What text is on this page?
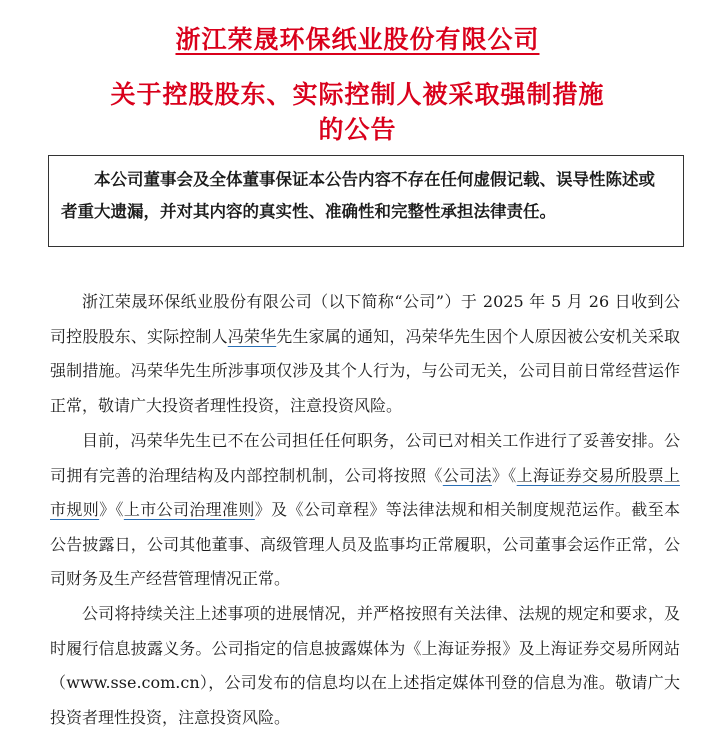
浙江荣晟环保纸业股份有限公司
关于控股股东、实际控制人被采取强制措施
的公告
本公司董事会及全体董事保证本公告内容不存在任何虚假记载、误导性陈述或者重大遗漏，并对其内容的真实性、准确性和完整性承担法律责任。
浙江荣晟环保纸业股份有限公司（以下简称“公司”）于 2025 年 5 月 26 日收到公司控股股东、实际控制人冯荣华先生家属的通知，冯荣华先生因个人原因被公安机关采取强制措施。冯荣华先生所涉事项仅涉及其个人行为，与公司无关，公司目前日常经营运作正常，敬请广大投资者理性投资，注意投资风险。
目前，冯荣华先生已不在公司担任任何职务，公司已对相关工作进行了妥善安排。公司拥有完善的治理结构及内部控制机制，公司将按照《公司法》《上海证券交易所股票上市规则》《上市公司治理准则》及《公司章程》等法律法规和相关制度规范运作。截至本公告披露日，公司其他董事、高级管理人员及监事均正常履职，公司董事会运作正常，公司财务及生产经营管理情况正常。
公司将持续关注上述事项的进展情况，并严格按照有关法律、法规的规定和要求，及时履行信息披露义务。公司指定的信息披露媒体为《上海证券报》及上海证券交易所网站（www.sse.com.cn），公司发布的信息均以在上述指定媒体刊登的信息为准。敬请广大投资者理性投资，注意投资风险。
